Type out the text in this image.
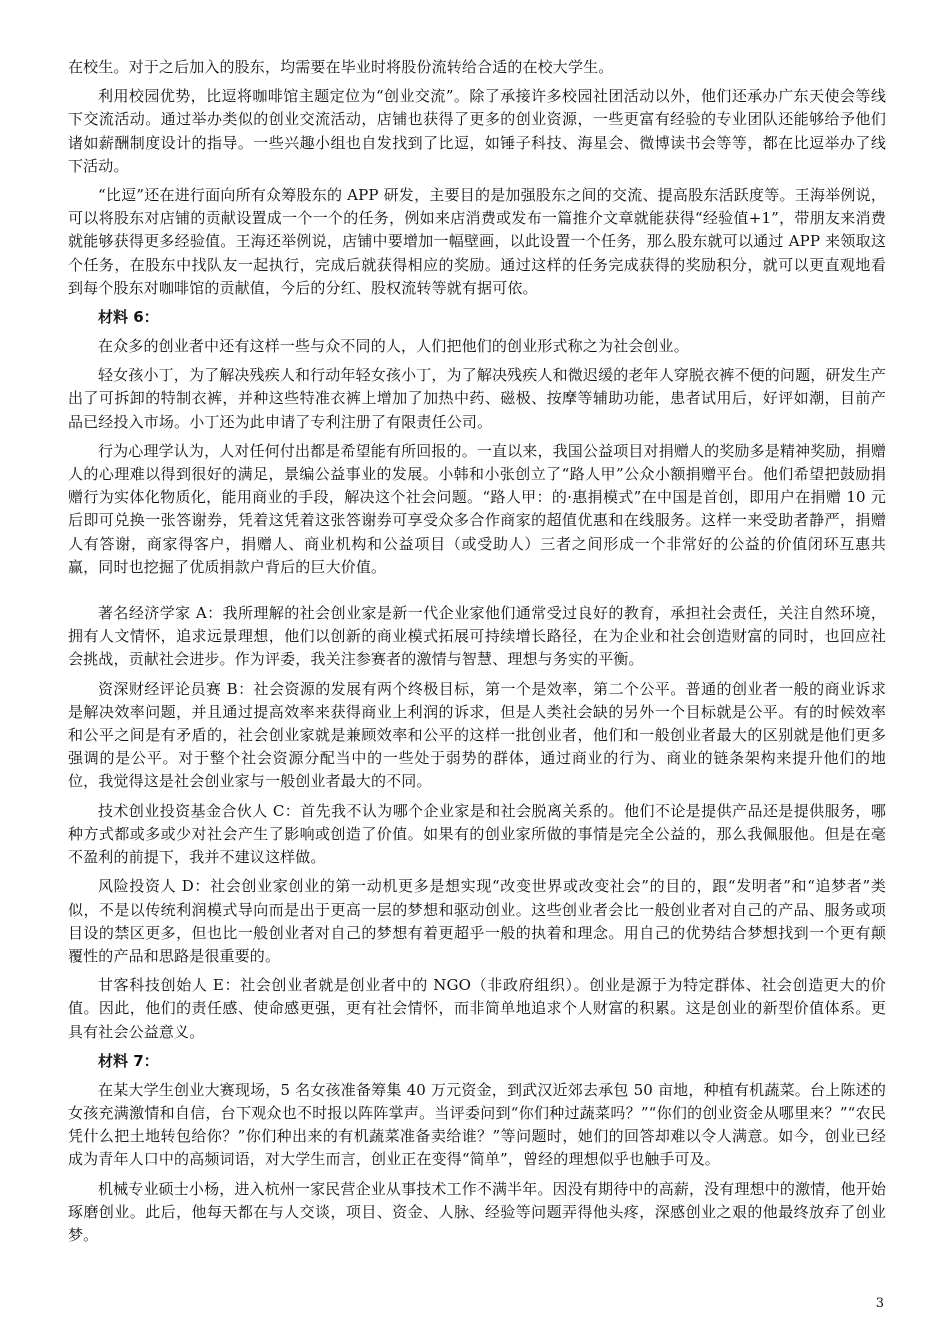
在校生。对于之后加入的股东，均需要在毕业时将股份流转给合适的在校大学生。

利用校园优势，比逗将咖啡馆主题定位为“创业交流”。除了承接许多校园社团活动以外，他们还承办广东天使会等线下交流活动。通过举办类似的创业交流活动，店铺也获得了更多的创业资源，一些更富有经验的专业团队还能够给予他们诸如薪酬制度设计的指导。一些兴趣小组也自发找到了比逗，如锤子科技、海星会、微博读书会等等，都在比逗举办了线下活动。

“比逗”还在进行面向所有众筹股东的 APP 研发，主要目的是加强股东之间的交流、提高股东活跃度等。王海举例说，可以将股东对店铺的贡献设置成一个一个的任务，例如来店消费或发布一篇推介文章就能获得“经验值+1”，带朋友来消费就能够获得更多经验值。王海还举例说，店铺中要增加一幅壁画，以此设置一个任务，那么股东就可以通过 APP 来领取这个任务，在股东中找队友一起执行，完成后就获得相应的奖励。通过这样的任务完成获得的奖励积分，就可以更直观地看到每个股东对咖啡馆的贡献值，今后的分红、股权流转等就有据可依。

材料 6：

在众多的创业者中还有这样一些与众不同的人，人们把他们的创业形式称之为社会创业。

轻女孩小丁，为了解决残疾人和行动年轻女孩小丁，为了解决残疾人和微迟缓的老年人穿脱衣裤不便的问题，研发生产出了可拆卸的特制衣裤，并种这些特准衣裤上增加了加热中药、磁极、按摩等辅助功能，患者试用后，好评如潮，目前产品已经投入市场。小丁还为此申请了专利注册了有限责任公司。

行为心理学认为，人对任何付出都是希望能有所回报的。一直以来，我国公益项目对捐赠人的奖励多是精神奖励，捐赠人的心理难以得到很好的满足，景编公益事业的发展。小韩和小张创立了“路人甲”公众小额捐赠平台。他们希望把鼓励捐赠行为实体化物质化，能用商业的手段，解决这个社会问题。“路人甲：的·惠捐模式”在中国是首创，即用户在捐赠 10 元后即可兑换一张答谢券，凭着这凭着这张答谢券可享受众多合作商家的超值优惠和在线服务。这样一来受助者静严，捐赠人有答谢，商家得客户，捐赠人、商业机构和公益项目（或受助人）三者之间形成一个非常好的公益的价值闭环互惠共赢，同时也挖掘了优质捐款户背后的巨大价值。

著名经济学家 A：我所理解的社会创业家是新一代企业家他们通常受过良好的教育，承担社会责任，关注自然环境，拥有人文情怀，追求远景理想，他们以创新的商业模式拓展可持续增长路径，在为企业和社会创造财富的同时，也回应社会挑战，贡献社会进步。作为评委，我关注参赛者的激情与智慧、理想与务实的平衡。

资深财经评论员赛 B：社会资源的发展有两个终极目标，第一个是效率，第二个公平。普通的创业者一般的商业诉求是解决效率问题，并且通过提高效率来获得商业上利润的诉求，但是人类社会缺的另外一个目标就是公平。有的时候效率和公平之间是有矛盾的，社会创业家就是兼顾效率和公平的这样一批创业者，他们和一般创业者最大的区别就是他们更多强调的是公平。对于整个社会资源分配当中的一些处于弱势的群体，通过商业的行为、商业的链条架构来提升他们的地位，我觉得这是社会创业家与一般创业者最大的不同。

技术创业投资基金合伙人 C：首先我不认为哪个企业家是和社会脱离关系的。他们不论是提供产品还是提供服务，哪种方式都或多或少对社会产生了影响或创造了价值。如果有的创业家所做的事情是完全公益的，那么我佩服他。但是在毫不盈利的前提下，我并不建议这样做。

风险投资人 D：社会创业家创业的第一动机更多是想实现“改变世界或改变社会”的目的，跟“发明者”和“追梦者”类似，不是以传统利润模式导向而是出于更高一层的梦想和驱动创业。这些创业者会比一般创业者对自己的产品、服务或项目设的禁区更多，但也比一般创业者对自己的梦想有着更超乎一般的执着和理念。用自己的优势结合梦想找到一个更有颠覆性的产品和思路是很重要的。

甘客科技创始人 E：社会创业者就是创业者中的 NGO（非政府组织）。创业是源于为特定群体、社会创造更大的价值。因此，他们的责任感、使命感更强，更有社会情怀，而非简单地追求个人财富的积累。这是创业的新型价值体系。更具有社会公益意义。

材料 7：

在某大学生创业大赛现场，5 名女孩准备筹集 40 万元资金，到武汉近郊去承包 50 亩地，种植有机蔬菜。台上陈述的女孩充满激情和自信，台下观众也不时报以阵阵掌声。当评委问到“你们种过蔬菜吗？”“你们的创业资金从哪里来？”“农民凭什么把土地转包给你？”你们种出来的有机蔬菜准备卖给谁？”等问题时，她们的回答却难以令人满意。如今，创业已经成为青年人口中的高频词语，对大学生而言，创业正在变得“简单”，曾经的理想似乎也触手可及。

机械专业硕士小杨，进入杭州一家民营企业从事技术工作不满半年。因没有期待中的高薪，没有理想中的激情，他开始琢磨创业。此后，他每天都在与人交谈，项目、资金、人脉、经验等问题弄得他头疼，深感创业之艰的他最终放弃了创业梦。

3
